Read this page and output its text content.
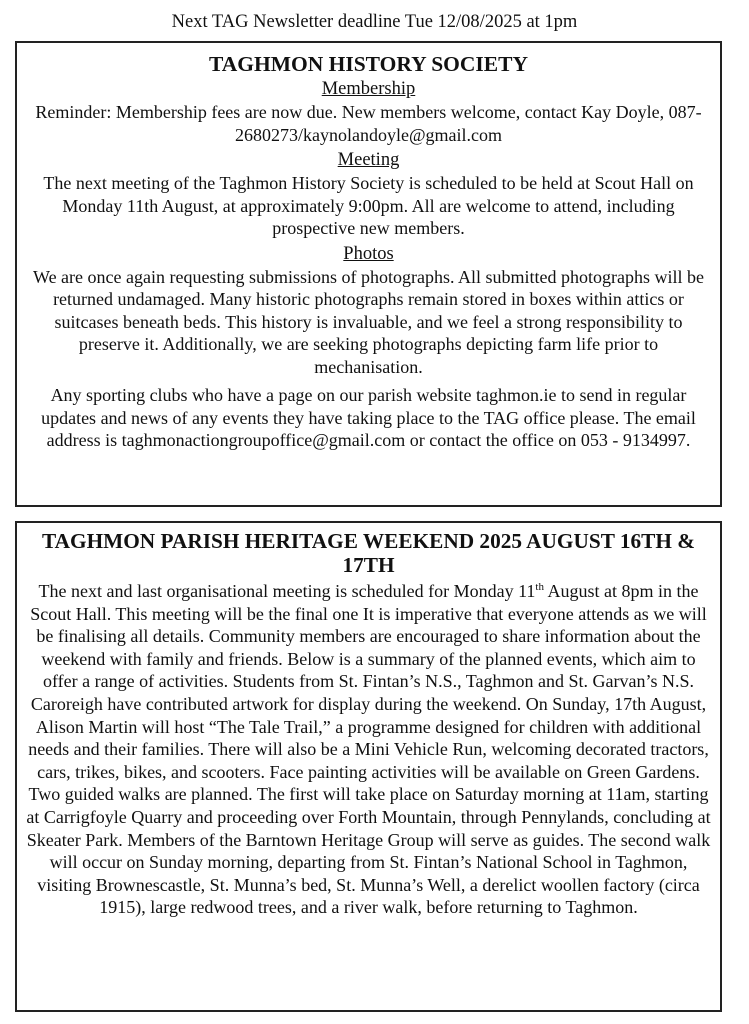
Next TAG Newsletter deadline Tue 12/08/2025 at 1pm

TAGHMON HISTORY SOCIETY

Membership

Reminder: Membership fees are now due. New members welcome, contact Kay Doyle, 087-2680273/kaynolandoyle@gmail.com

Meeting

The next meeting of the Taghmon History Society is scheduled to be held at Scout Hall on Monday 11th August, at approximately 9:00pm. All are welcome to attend, including prospective new members.

Photos

We are once again requesting submissions of photographs. All submitted photographs will be returned undamaged. Many historic photographs remain stored in boxes within attics or suitcases beneath beds. This history is invaluable, and we feel a strong responsibility to preserve it. Additionally, we are seeking photographs depicting farm life prior to mechanisation.

Any sporting clubs who have a page on our parish website taghmon.ie to send in regular updates and news of any events they have taking place to the TAG office please. The email address is taghmonactiongroupoffice@gmail.com or contact the office on 053 - 9134997.

TAGHMON PARISH HERITAGE WEEKEND 2025 AUGUST 16TH & 17TH

The next and last organisational meeting is scheduled for Monday 11th August at 8pm in the Scout Hall. This meeting will be the final one It is imperative that everyone attends as we will be finalising all details. Community members are encouraged to share information about the weekend with family and friends. Below is a summary of the planned events, which aim to offer a range of activities. Students from St. Fintan’s N.S., Taghmon and St. Garvan’s N.S. Caroreigh have contributed artwork for display during the weekend. On Sunday, 17th August, Alison Martin will host “The Tale Trail,” a programme designed for children with additional needs and their families. There will also be a Mini Vehicle Run, welcoming decorated tractors, cars, trikes, bikes, and scooters. Face painting activities will be available on Green Gardens. Two guided walks are planned. The first will take place on Saturday morning at 11am, starting at Carrigfoyle Quarry and proceeding over Forth Mountain, through Pennylands, concluding at Skeater Park. Members of the Barntown Heritage Group will serve as guides. The second walk will occur on Sunday morning, departing from St. Fintan’s National School in Taghmon, visiting Brownescastle, St. Munna’s bed, St. Munna’s Well, a derelict woollen factory (circa 1915), large redwood trees, and a river walk, before returning to Taghmon.
